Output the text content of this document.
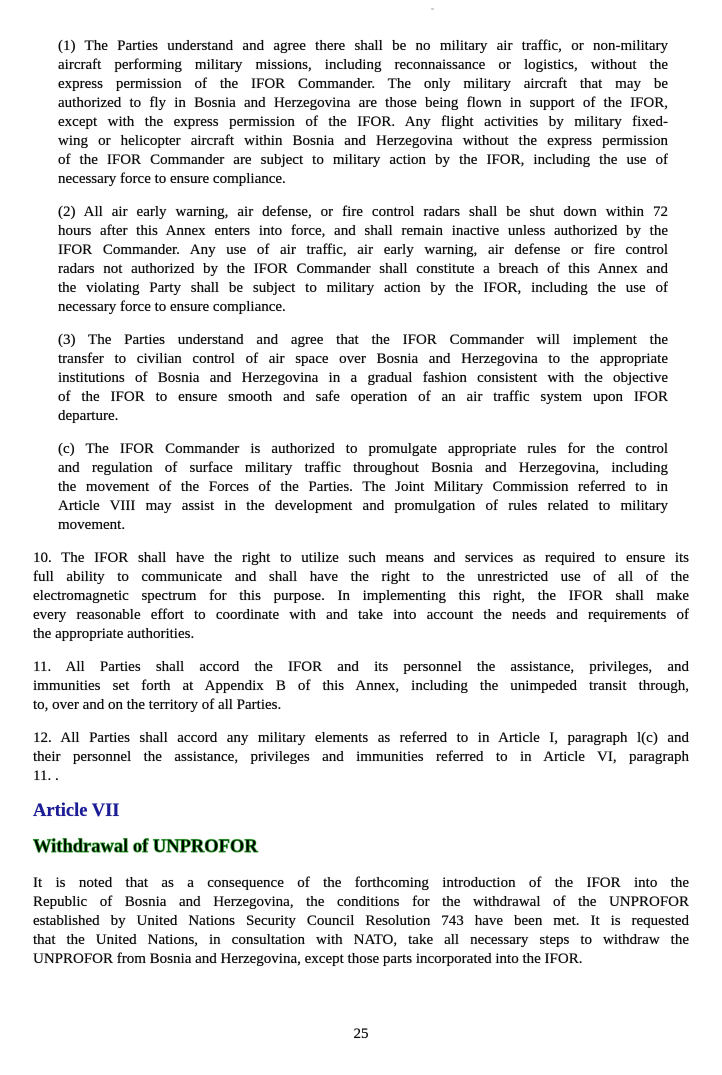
(1) The Parties understand and agree there shall be no military air traffic, or non-military
aircraft performing military missions, including reconnaissance or logistics, without the
express permission of the IFOR Commander. The only military aircraft that may be
authorized to fly in Bosnia and Herzegovina are those being flown in support of the IFOR,
except with the express permission of the IFOR. Any flight activities by military fixed-
wing or helicopter aircraft within Bosnia and Herzegovina without the express permission
of the IFOR Commander are subject to military action by the IFOR, including the use of
necessary force to ensure compliance.
(2) All air early warning, air defense, or fire control radars shall be shut down within 72
hours after this Annex enters into force, and shall remain inactive unless authorized by the
IFOR Commander. Any use of air traffic, air early warning, air defense or fire control
radars not authorized by the IFOR Commander shall constitute a breach of this Annex and
the violating Party shall be subject to military action by the IFOR, including the use of
necessary force to ensure compliance.
(3) The Parties understand and agree that the IFOR Commander will implement the
transfer to civilian control of air space over Bosnia and Herzegovina to the appropriate
institutions of Bosnia and Herzegovina in a gradual fashion consistent with the objective
of the IFOR to ensure smooth and safe operation of an air traffic system upon IFOR
departure.
(c) The IFOR Commander is authorized to promulgate appropriate rules for the control
and regulation of surface military traffic throughout Bosnia and Herzegovina, including
the movement of the Forces of the Parties. The Joint Military Commission referred to in
Article VIII may assist in the development and promulgation of rules related to military
movement.
10. The IFOR shall have the right to utilize such means and services as required to ensure its
full ability to communicate and shall have the right to the unrestricted use of all of the
electromagnetic spectrum for this purpose. In implementing this right, the IFOR shall make
every reasonable effort to coordinate with and take into account the needs and requirements of
the appropriate authorities.
11. All Parties shall accord the IFOR and its personnel the assistance, privileges, and
immunities set forth at Appendix B of this Annex, including the unimpeded transit through,
to, over and on the territory of all Parties.
12. All Parties shall accord any military elements as referred to in Article I, paragraph l(c) and
their personnel the assistance, privileges and immunities referred to in Article VI, paragraph
11. .
Article VII
Withdrawal of UNPROFOR
It is noted that as a consequence of the forthcoming introduction of the IFOR into the
Republic of Bosnia and Herzegovina, the conditions for the withdrawal of the UNPROFOR
established by United Nations Security Council Resolution 743 have been met. It is requested
that the United Nations, in consultation with NATO, take all necessary steps to withdraw the
UNPROFOR from Bosnia and Herzegovina, except those parts incorporated into the IFOR.
25
